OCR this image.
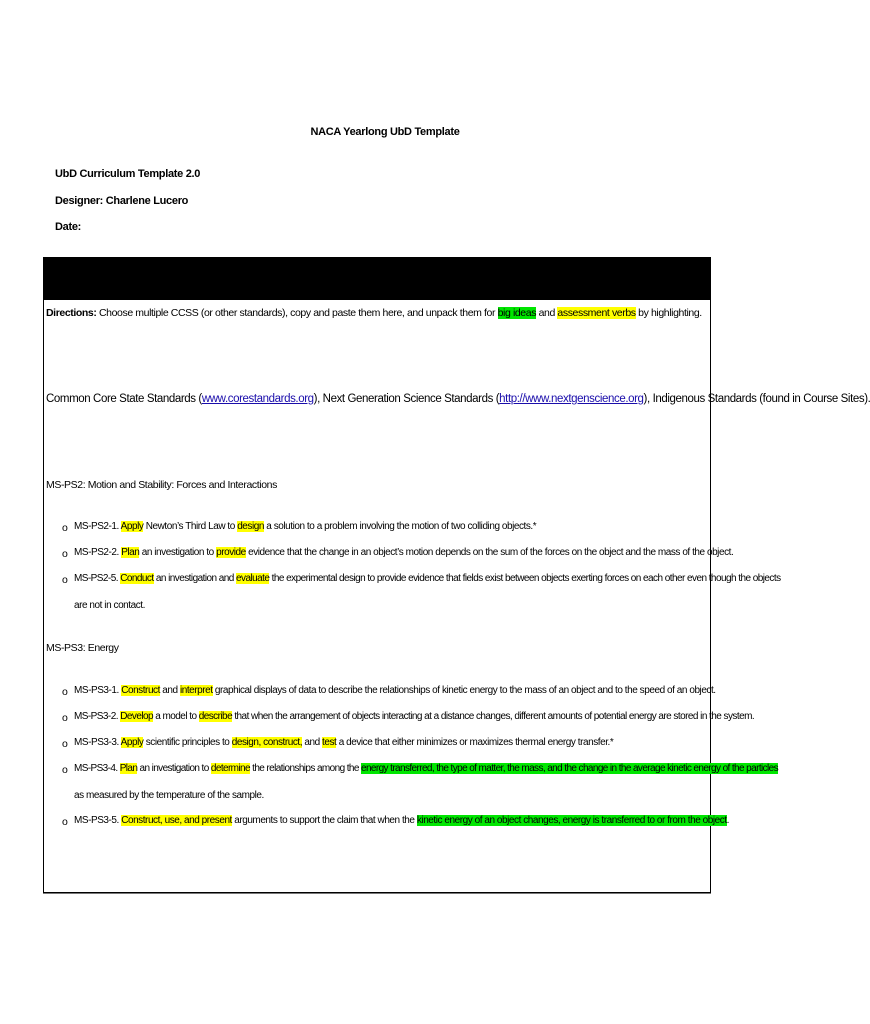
NACA Yearlong UbD Template
UbD Curriculum Template 2.0
Designer: Charlene Lucero
Date:
Directions: Choose multiple CCSS (or other standards), copy and paste them here, and unpack them for big ideas and assessment verbs by highlighting.
Common Core State Standards (www.corestandards.org), Next Generation Science Standards (http://www.nextgenscience.org), Indigenous Standards (found in Course Sites).
MS-PS2: Motion and Stability: Forces and Interactions
o MS-PS2-1. Apply Newton’s Third Law to design a solution to a problem involving the motion of two colliding objects.*
o MS-PS2-2. Plan an investigation to provide evidence that the change in an object’s motion depends on the sum of the forces on the object and the mass of the object.
o MS-PS2-5. Conduct an investigation and evaluate the experimental design to provide evidence that fields exist between objects exerting forces on each other even though the objects
are not in contact.
MS-PS3: Energy
o MS-PS3-1. Construct and interpret graphical displays of data to describe the relationships of kinetic energy to the mass of an object and to the speed of an object.
o MS-PS3-2. Develop a model to describe that when the arrangement of objects interacting at a distance changes, different amounts of potential energy are stored in the system.
o MS-PS3-3. Apply scientific principles to design, construct, and test a device that either minimizes or maximizes thermal energy transfer.*
o MS-PS3-4. Plan an investigation to determine the relationships among the energy transferred, the type of matter, the mass, and the change in the average kinetic energy of the particles
as measured by the temperature of the sample.
o MS-PS3-5. Construct, use, and present arguments to support the claim that when the kinetic energy of an object changes, energy is transferred to or from the object.
